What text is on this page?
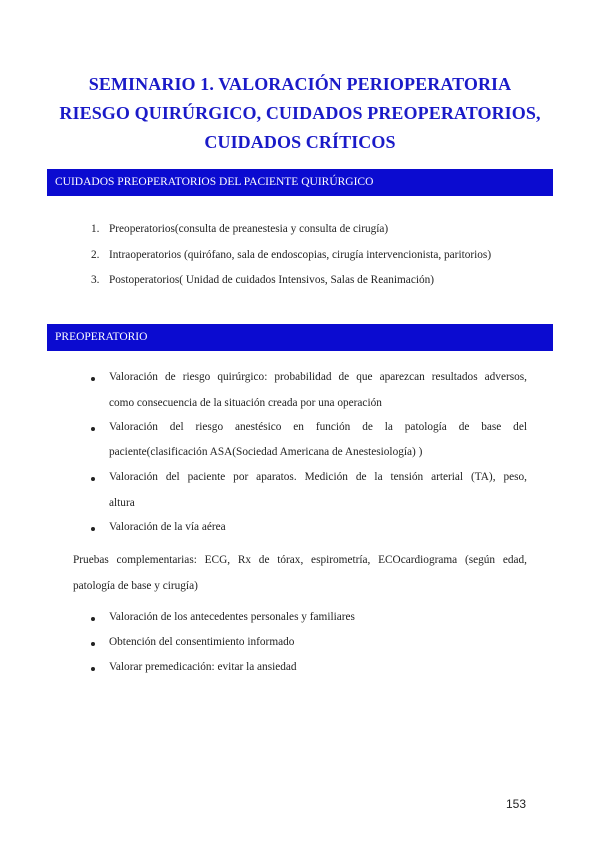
SEMINARIO 1. VALORACIÓN PERIOPERATORIA
RIESGO QUIRÚRGICO, CUIDADOS PREOPERATORIOS,
CUIDADOS CRÍTICOS
CUIDADOS PREOPERATORIOS DEL PACIENTE QUIRÚRGICO
1. Preoperatorios(consulta de preanestesia y consulta de cirugía)
2. Intraoperatorios (quirófano, sala de endoscopias, cirugía intervencionista, paritorios)
3. Postoperatorios( Unidad de cuidados Intensivos, Salas de Reanimación)
PREOPERATORIO
Valoración de riesgo quirúrgico: probabilidad de que aparezcan resultados adversos,
como consecuencia de la situación creada por una operación
Valoración del riesgo anestésico en función de la patología de base del
paciente(clasificación ASA(Sociedad Americana de Anestesiología) )
Valoración del paciente por aparatos. Medición de la tensión arterial (TA), peso,
altura
Valoración de la vía aérea
Pruebas complementarias: ECG, Rx de tórax, espirometría, ECOcardiograma (según edad,
patología de base y cirugía)
Valoración de los antecedentes personales y familiares
Obtención del consentimiento informado
Valorar premedicación: evitar la ansiedad
153
